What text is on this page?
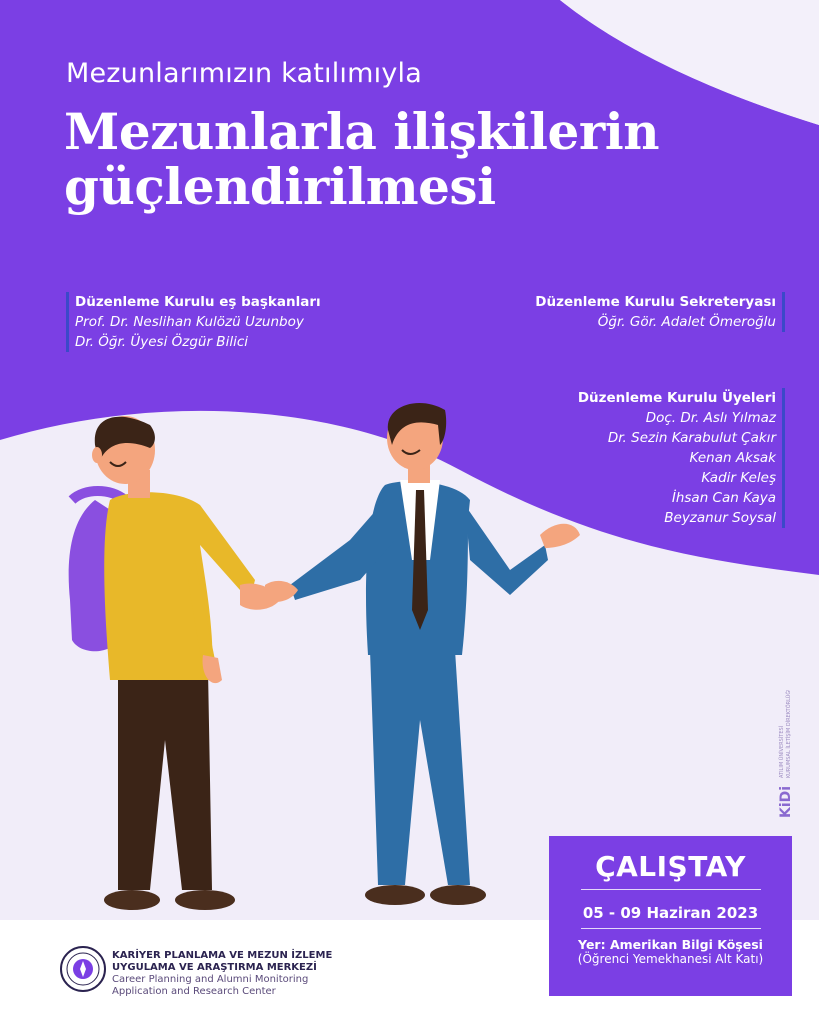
Mezunlarımızın katılımıyla
Mezunlarla ilişkilerin
güçlendirilmesi
Düzenleme Kurulu eş başkanları
Prof. Dr. Neslihan Kulözü Uzunboy
Dr. Öğr. Üyesi Özgür Bilici
Düzenleme Kurulu Sekreteryası
Öğr. Gör. Adalet Ömeroğlu
Düzenleme Kurulu Üyeleri
Doç. Dr. Aslı Yılmaz
Dr. Sezin Karabulut Çakır
Kenan Aksak
Kadir Keleş
İhsan Can Kaya
Beyzanur Soysal
KiDi
ATILIM ÜNİVERSİTESİ KURUMSAL İLETİŞİM DİREKTÖRLÜĞÜ
ÇALIŞTAY
05 - 09 Haziran 2023
Yer: Amerikan Bilgi Köşesi
(Öğrenci Yemekhanesi Alt Katı)
KARİYER PLANLAMA VE MEZUN İZLEME
UYGULAMA VE ARAŞTIRMA MERKEZİ
Career Planning and Alumni Monitoring
Application and Research Center
